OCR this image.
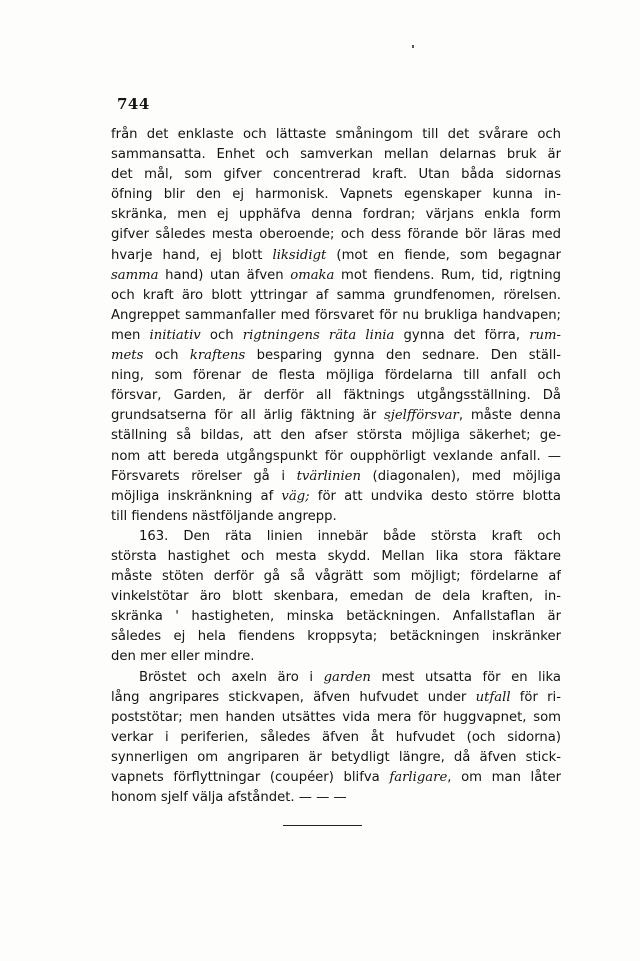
744
från det enklaste och lättaste småningom till det svårare och
sammansatta. Enhet och samverkan mellan delarnas bruk är
det mål, som gifver concentrerad kraft. Utan båda sidornas
öfning blir den ej harmonisk. Vapnets egenskaper kunna in-
skränka, men ej upphäfva denna fordran; värjans enkla form
gifver således mesta oberoende; och dess förande bör läras med
hvarje hand, ej blott liksidigt (mot en fiende, som begagnar
samma hand) utan äfven omaka mot fiendens. Rum, tid, rigtning
och kraft äro blott yttringar af samma grundfenomen, rörelsen.
Angreppet sammanfaller med försvaret för nu brukliga handvapen;
men initiativ och rigtningens räta linia gynna det förra, rum-
mets och kraftens besparing gynna den sednare. Den ställ-
ning, som förenar de flesta möjliga fördelarna till anfall och
försvar, Garden, är derför all fäktnings utgångsställning. Då
grundsatserna för all ärlig fäktning är sjelfförsvar, måste denna
ställning så bildas, att den afser största möjliga säkerhet; ge-
nom att bereda utgångspunkt för oupphörligt vexlande anfall. —
Försvarets rörelser gå i tvärlinien (diagonalen), med möjliga
möjliga inskränkning af väg; för att undvika desto större blotta
till fiendens nästföljande angrepp.
163. Den räta linien innebär både största kraft och
största hastighet och mesta skydd. Mellan lika stora fäktare
måste stöten derför gå så vågrätt som möjligt; fördelarne af
vinkelstötar äro blott skenbara, emedan de dela kraften, in-
skränka ' hastigheten, minska betäckningen. Anfallstaflan är
således ej hela fiendens kroppsyta; betäckningen inskränker
den mer eller mindre.
Bröstet och axeln äro i garden mest utsatta för en lika
lång angripares stickvapen, äfven hufvudet under utfall för ri-
poststötar; men handen utsättes vida mera för huggvapnet, som
verkar i periferien, således äfven åt hufvudet (och sidorna)
synnerligen om angriparen är betydligt längre, då äfven stick-
vapnets förflyttningar (coupéer) blifva farligare, om man låter
honom sjelf välja afståndet. — — —
